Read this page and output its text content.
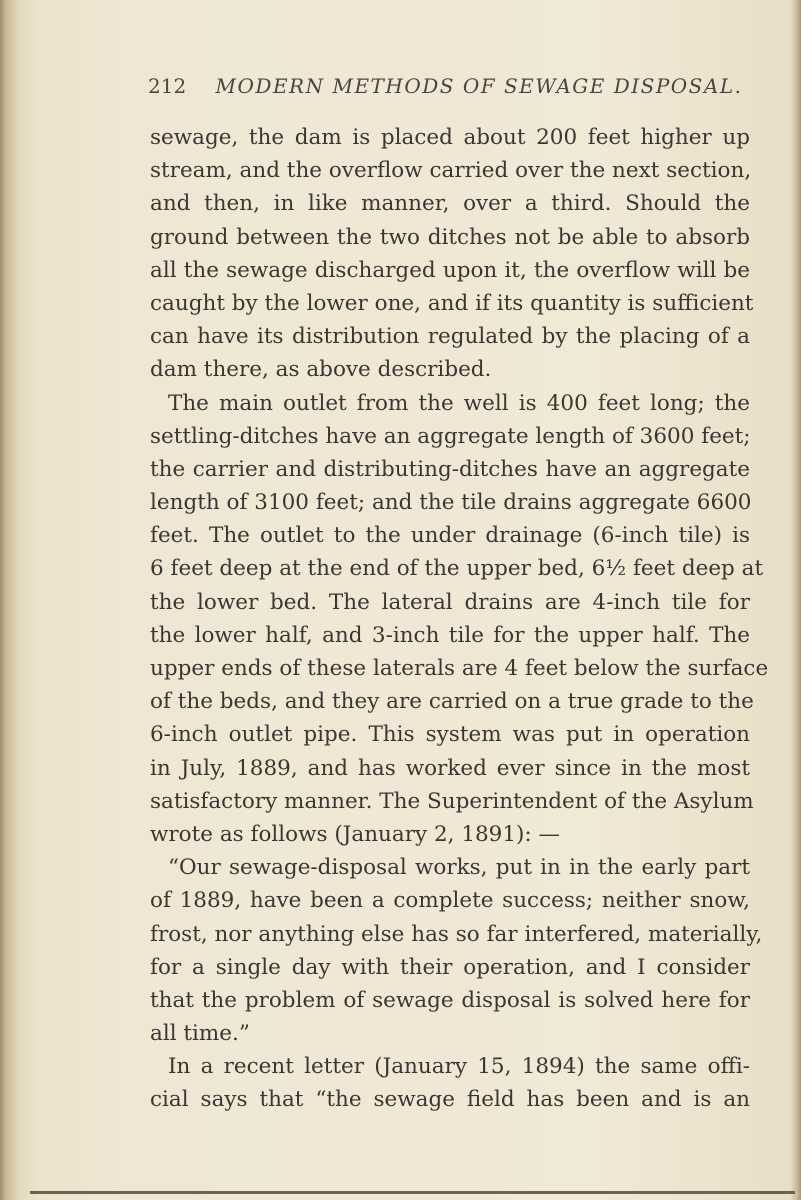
212 MODERN METHODS OF SEWAGE DISPOSAL.
sewage, the dam is placed about 200 feet higher up
stream, and the overflow carried over the next section,
and then, in like manner, over a third. Should the
ground between the two ditches not be able to absorb
all the sewage discharged upon it, the overflow will be
caught by the lower one, and if its quantity is sufficient
can have its distribution regulated by the placing of a
dam there, as above described.
The main outlet from the well is 400 feet long; the
settling-ditches have an aggregate length of 3600 feet;
the carrier and distributing-ditches have an aggregate
length of 3100 feet; and the tile drains aggregate 6600
feet. The outlet to the under drainage (6-inch tile) is
6 feet deep at the end of the upper bed, 6½ feet deep at
the lower bed. The lateral drains are 4-inch tile for
the lower half, and 3-inch tile for the upper half. The
upper ends of these laterals are 4 feet below the surface
of the beds, and they are carried on a true grade to the
6-inch outlet pipe. This system was put in operation
in July, 1889, and has worked ever since in the most
satisfactory manner. The Superintendent of the Asylum
wrote as follows (January 2, 1891): —
“Our sewage-disposal works, put in in the early part
of 1889, have been a complete success; neither snow,
frost, nor anything else has so far interfered, materially,
for a single day with their operation, and I consider
that the problem of sewage disposal is solved here for
all time.”
In a recent letter (January 15, 1894) the same offi-
cial says that “the sewage field has been and is an
